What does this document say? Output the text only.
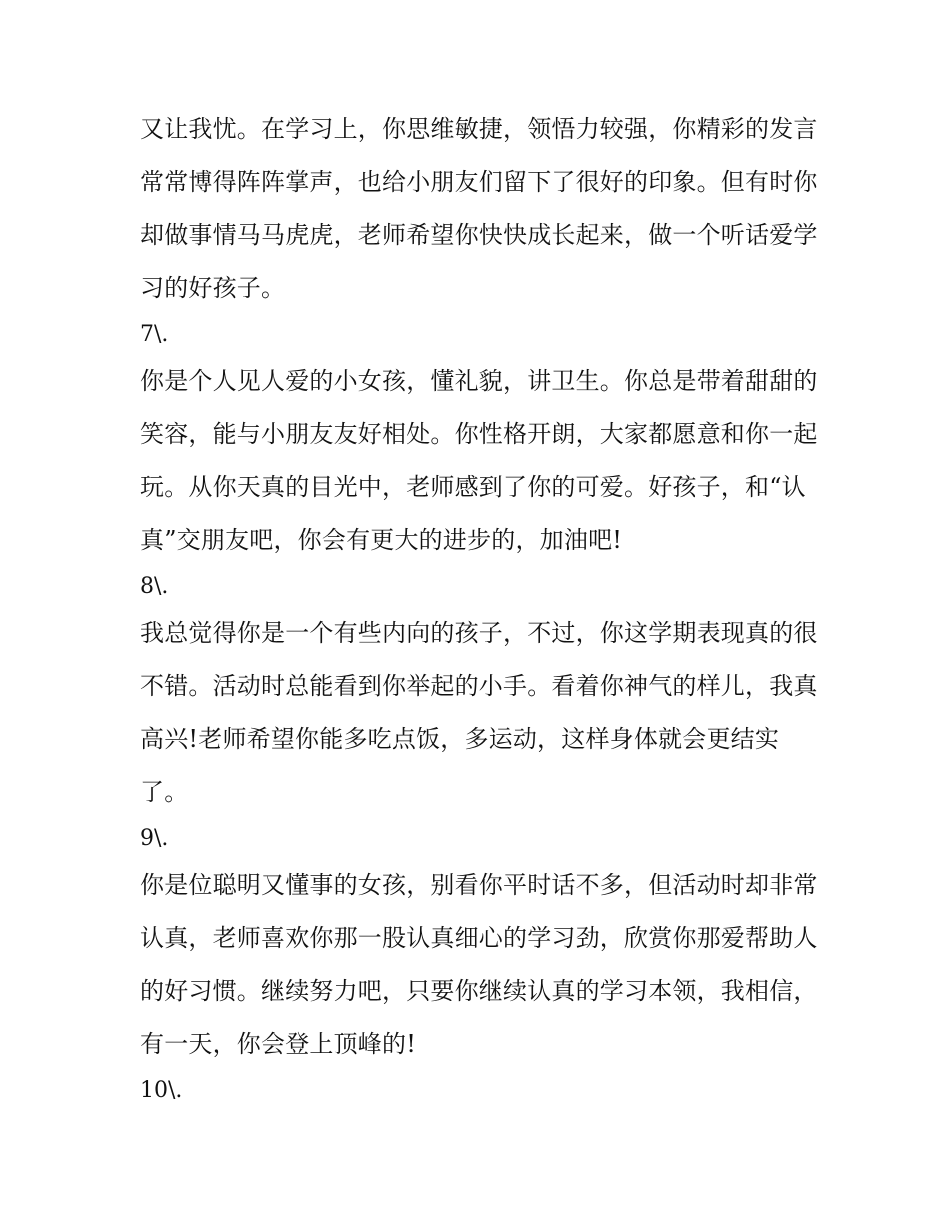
又让我忧。在学习上，你思维敏捷，领悟力较强，你精彩的发言常常博得阵阵掌声，也给小朋友们留下了很好的印象。但有时你却做事情马马虎虎，老师希望你快快成长起来，做一个听话爱学习的好孩子。

7\.

你是个人见人爱的小女孩，懂礼貌，讲卫生。你总是带着甜甜的笑容，能与小朋友友好相处。你性格开朗，大家都愿意和你一起玩。从你天真的目光中，老师感到了你的可爱。好孩子，和“认真”交朋友吧，你会有更大的进步的，加油吧!

8\.

我总觉得你是一个有些内向的孩子，不过，你这学期表现真的很不错。活动时总能看到你举起的小手。看着你神气的样儿，我真高兴!老师希望你能多吃点饭，多运动，这样身体就会更结实了。

9\.

你是位聪明又懂事的女孩，别看你平时话不多，但活动时却非常认真，老师喜欢你那一股认真细心的学习劲，欣赏你那爱帮助人的好习惯。继续努力吧，只要你继续认真的学习本领，我相信，有一天，你会登上顶峰的!

10\.
